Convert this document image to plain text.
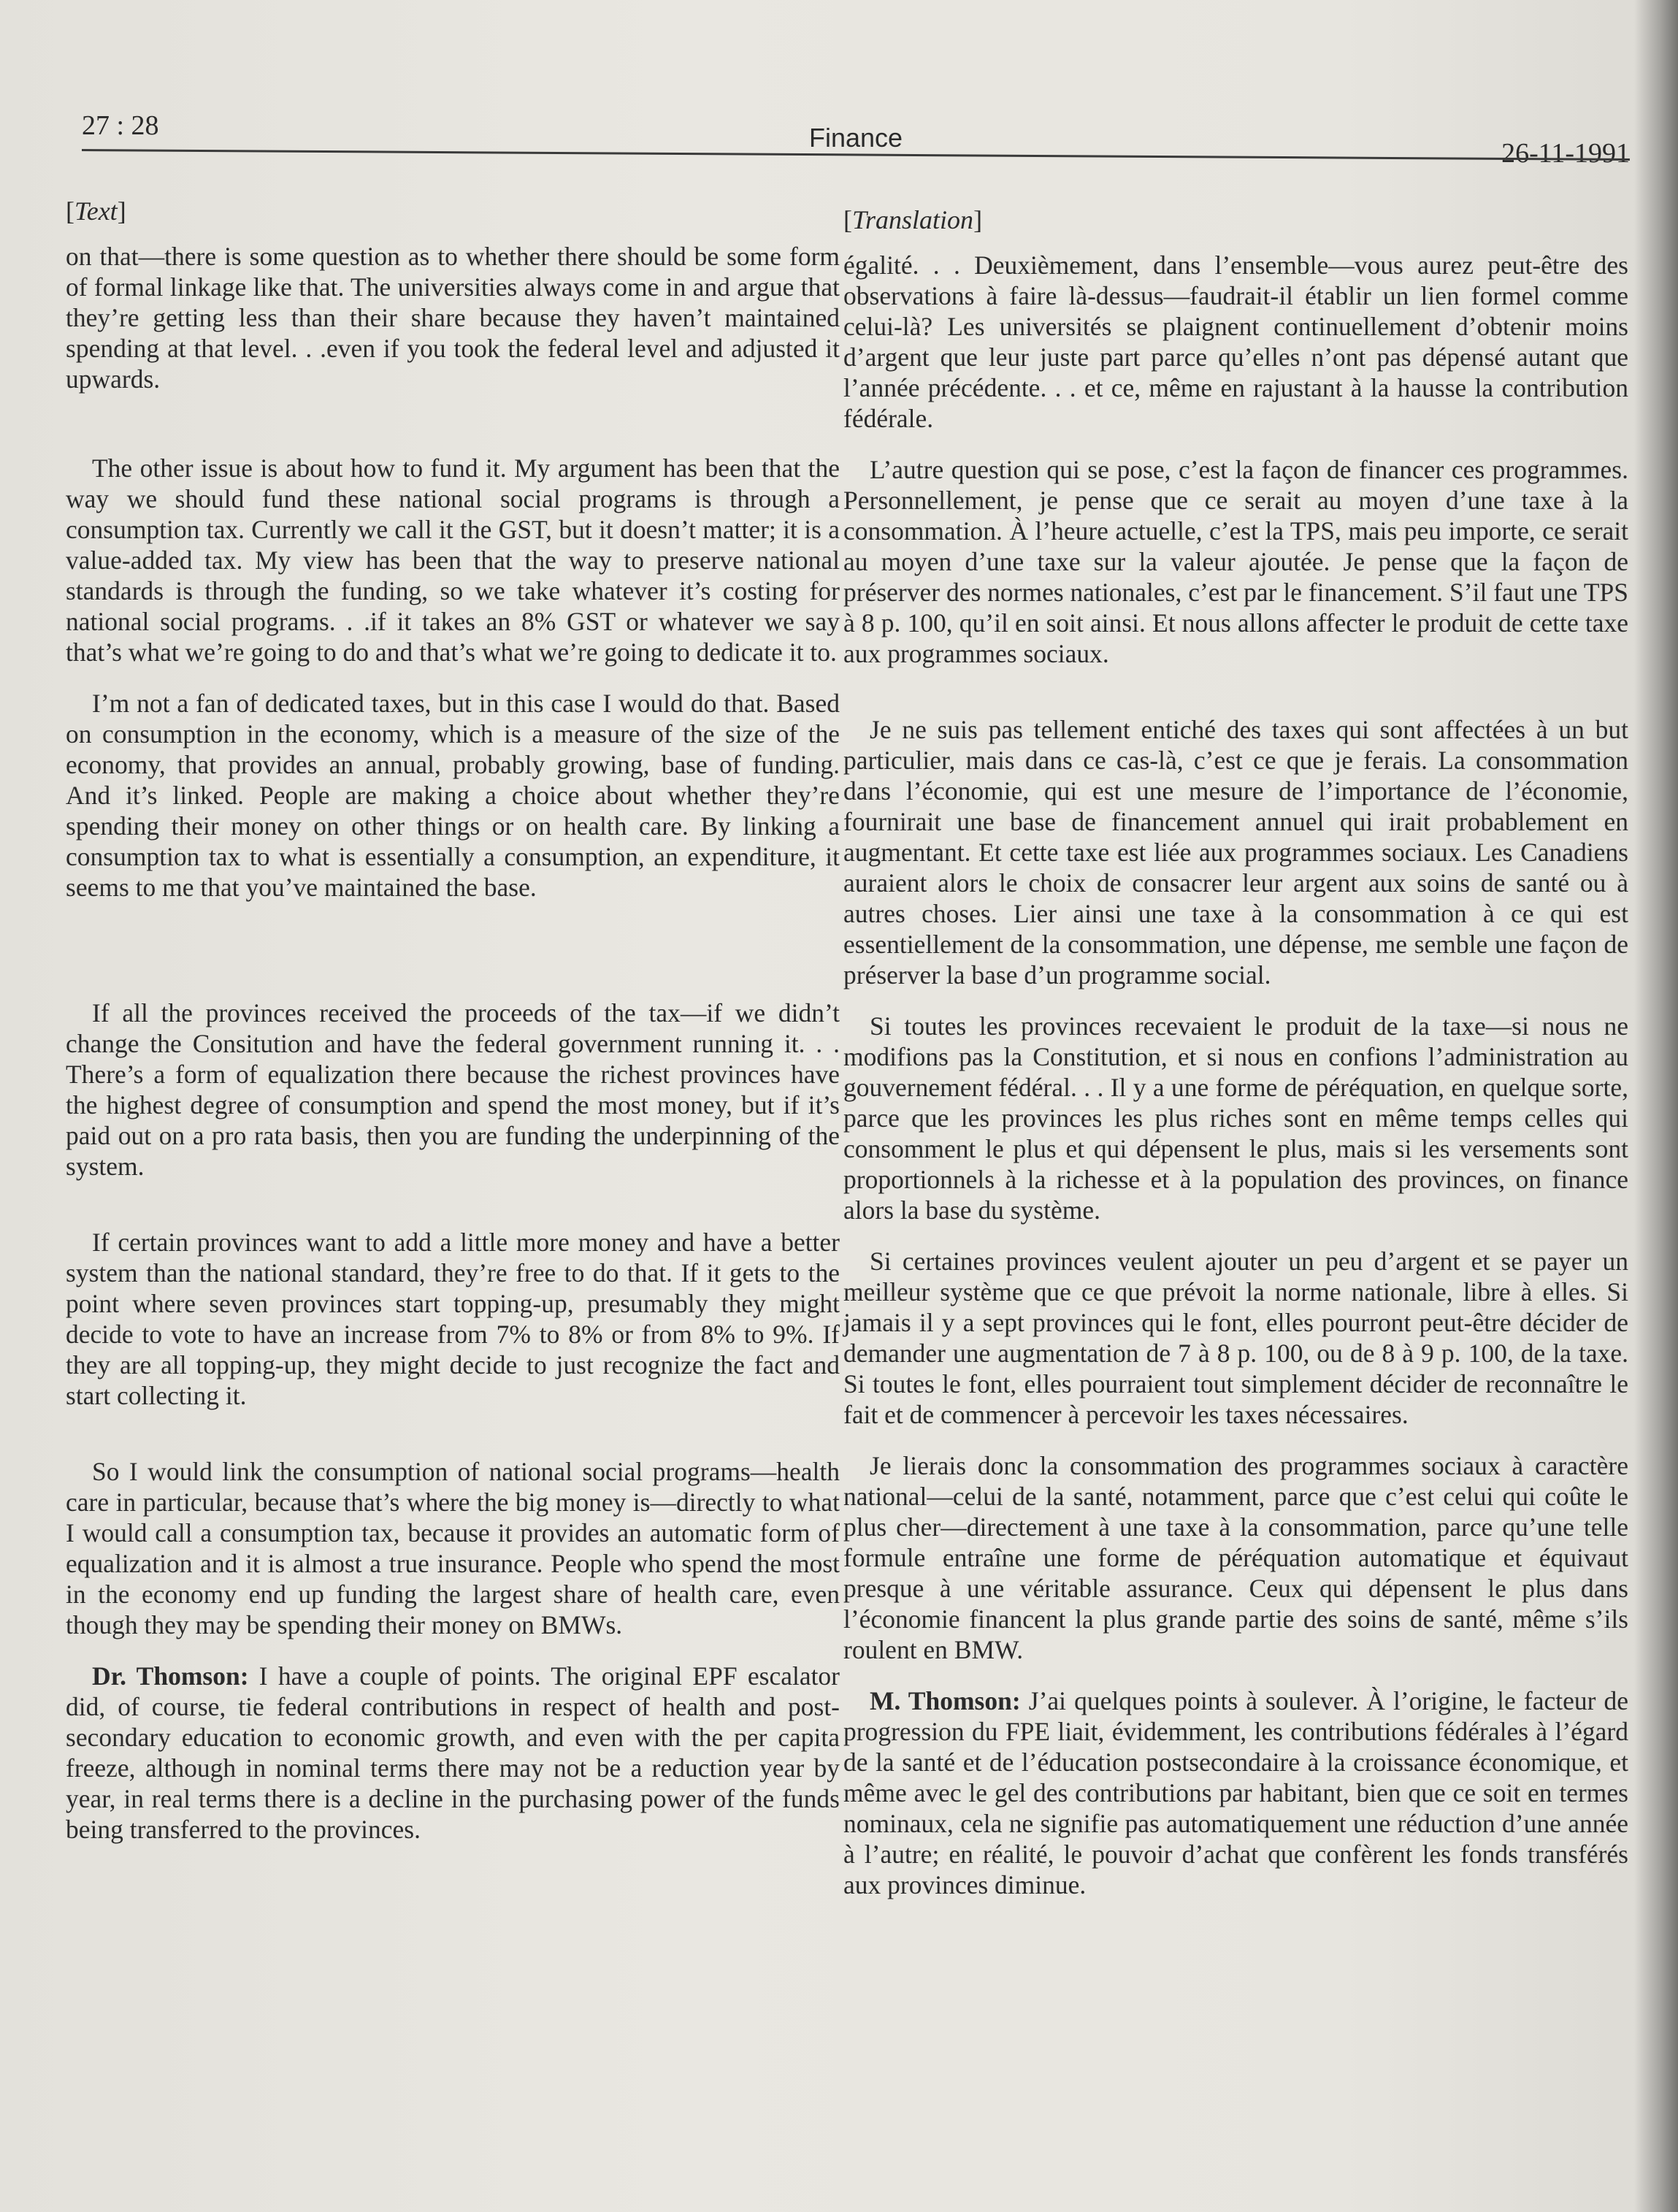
27 : 28	Finance
26-11-1991
[Text]

on that—there is some question as to whether there should be some form of formal linkage like that. The universities always come in and argue that they’re getting less than their share because they haven’t maintained spending at that level. . .even if you took the federal level and adjusted it upwards.

The other issue is about how to fund it. My argument has been that the way we should fund these national social programs is through a consumption tax. Currently we call it the GST, but it doesn’t matter; it is a value-added tax. My view has been that the way to preserve national standards is through the funding, so we take whatever it’s costing for national social programs. . .if it takes an 8% GST or whatever we say that’s what we’re going to do and that’s what we’re going to dedicate it to.

I’m not a fan of dedicated taxes, but in this case I would do that. Based on consumption in the economy, which is a measure of the size of the economy, that provides an annual, probably growing, base of funding. And it’s linked. People are making a choice about whether they’re spending their money on other things or on health care. By linking a consumption tax to what is essentially a consumption, an expenditure, it seems to me that you’ve maintained the base.

If all the provinces received the proceeds of the tax—if we didn’t change the Consitution and have the federal government running it. . . There’s a form of equalization there because the richest provinces have the highest degree of consumption and spend the most money, but if it’s paid out on a pro rata basis, then you are funding the underpinning of the system.

If certain provinces want to add a little more money and have a better system than the national standard, they’re free to do that. If it gets to the point where seven provinces start topping-up, presumably they might decide to vote to have an increase from 7% to 8% or from 8% to 9%. If they are all topping-up, they might decide to just recognize the fact and start collecting it.

So I would link the consumption of national social programs—health care in particular, because that’s where the big money is—directly to what I would call a consumption tax, because it provides an automatic form of equalization and it is almost a true insurance. People who spend the most in the economy end up funding the largest share of health care, even though they may be spending their money on BMWs.

Dr. Thomson: I have a couple of points. The original EPF escalator did, of course, tie federal contributions in respect of health and post-secondary education to economic growth, and even with the per capita freeze, although in nominal terms there may not be a reduction year by year, in real terms there is a decline in the purchasing power of the funds being transferred to the provinces.

[Translation]

égalité. . . Deuxièmement, dans l’ensemble—vous aurez peut-être des observations à faire là-dessus—faudrait-il établir un lien formel comme celui-là? Les universités se plaignent continuellement d’obtenir moins d’argent que leur juste part parce qu’elles n’ont pas dépensé autant que l’année précédente. . . et ce, même en rajustant à la hausse la contribution fédérale.

L’autre question qui se pose, c’est la façon de financer ces programmes. Personnellement, je pense que ce serait au moyen d’une taxe à la consommation. À l’heure actuelle, c’est la TPS, mais peu importe, ce serait au moyen d’une taxe sur la valeur ajoutée. Je pense que la façon de préserver des normes nationales, c’est par le financement. S’il faut une TPS à 8 p. 100, qu’il en soit ainsi. Et nous allons affecter le produit de cette taxe aux programmes sociaux.

Je ne suis pas tellement entiché des taxes qui sont affectées à un but particulier, mais dans ce cas-là, c’est ce que je ferais. La consommation dans l’économie, qui est une mesure de l’importance de l’économie, fournirait une base de financement annuel qui irait probablement en augmentant. Et cette taxe est liée aux programmes sociaux. Les Canadiens auraient alors le choix de consacrer leur argent aux soins de santé ou à autres choses. Lier ainsi une taxe à la consommation à ce qui est essentiellement de la consommation, une dépense, me semble une façon de préserver la base d’un programme social.

Si toutes les provinces recevaient le produit de la taxe—si nous ne modifions pas la Constitution, et si nous en confions l’administration au gouvernement fédéral. . . Il y a une forme de péréquation, en quelque sorte, parce que les provinces les plus riches sont en même temps celles qui consomment le plus et qui dépensent le plus, mais si les versements sont proportionnels à la richesse et à la population des provinces, on finance alors la base du système.

Si certaines provinces veulent ajouter un peu d’argent et se payer un meilleur système que ce que prévoit la norme nationale, libre à elles. Si jamais il y a sept provinces qui le font, elles pourront peut-être décider de demander une augmentation de 7 à 8 p. 100, ou de 8 à 9 p. 100, de la taxe. Si toutes le font, elles pourraient tout simplement décider de reconnaître le fait et de commencer à percevoir les taxes nécessaires.

Je lierais donc la consommation des programmes sociaux à caractère national—celui de la santé, notamment, parce que c’est celui qui coûte le plus cher—directement à une taxe à la consommation, parce qu’une telle formule entraîne une forme de péréquation automatique et équivaut presque à une véritable assurance. Ceux qui dépensent le plus dans l’économie financent la plus grande partie des soins de santé, même s’ils roulent en BMW.

M. Thomson: J’ai quelques points à soulever. À l’origine, le facteur de progression du FPE liait, évidemment, les contributions fédérales à l’égard de la santé et de l’éducation postsecondaire à la croissance économique, et même avec le gel des contributions par habitant, bien que ce soit en termes nominaux, cela ne signifie pas automatiquement une réduction d’une année à l’autre; en réalité, le pouvoir d’achat que confèrent les fonds transférés aux provinces diminue.
